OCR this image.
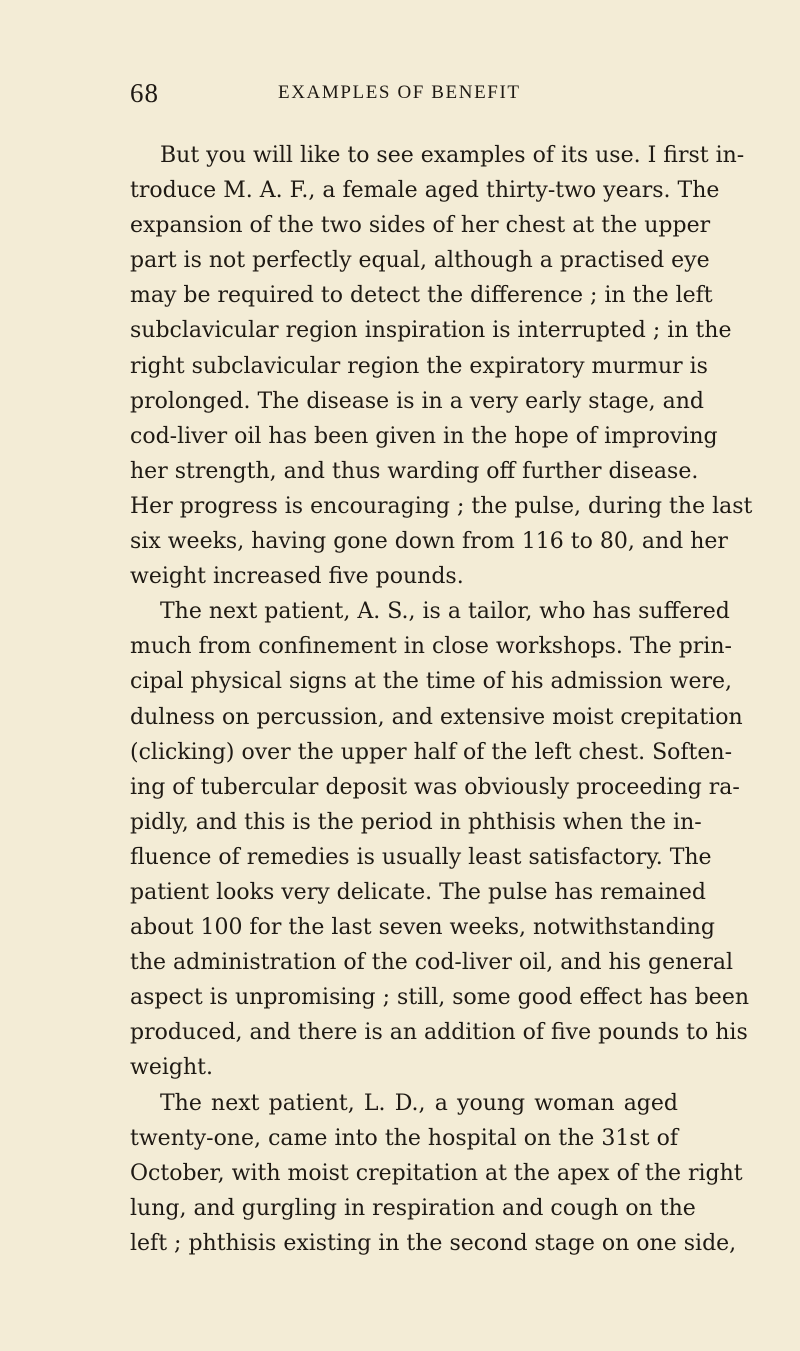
68	EXAMPLES OF BENEFIT
But you will like to see examples of its use. I first in-
troduce M. A. F., a female aged thirty-two years. The
expansion of the two sides of her chest at the upper
part is not perfectly equal, although a practised eye
may be required to detect the difference ; in the left
subclavicular region inspiration is interrupted ; in the
right subclavicular region the expiratory murmur is
prolonged. The disease is in a very early stage, and
cod-liver oil has been given in the hope of improving
her strength, and thus warding off further disease.
Her progress is encouraging ; the pulse, during the last
six weeks, having gone down from 116 to 80, and her
weight increased five pounds.
The next patient, A. S., is a tailor, who has suffered
much from confinement in close workshops. The prin-
cipal physical signs at the time of his admission were,
dulness on percussion, and extensive moist crepitation
(clicking) over the upper half of the left chest. Soften-
ing of tubercular deposit was obviously proceeding ra-
pidly, and this is the period in phthisis when the in-
fluence of remedies is usually least satisfactory. The
patient looks very delicate. The pulse has remained
about 100 for the last seven weeks, notwithstanding
the administration of the cod-liver oil, and his general
aspect is unpromising ; still, some good effect has been
produced, and there is an addition of five pounds to his
weight.
The next patient, L. D., a young woman aged
twenty-one, came into the hospital on the 31st of
October, with moist crepitation at the apex of the right
lung, and gurgling in respiration and cough on the
left ; phthisis existing in the second stage on one side,
